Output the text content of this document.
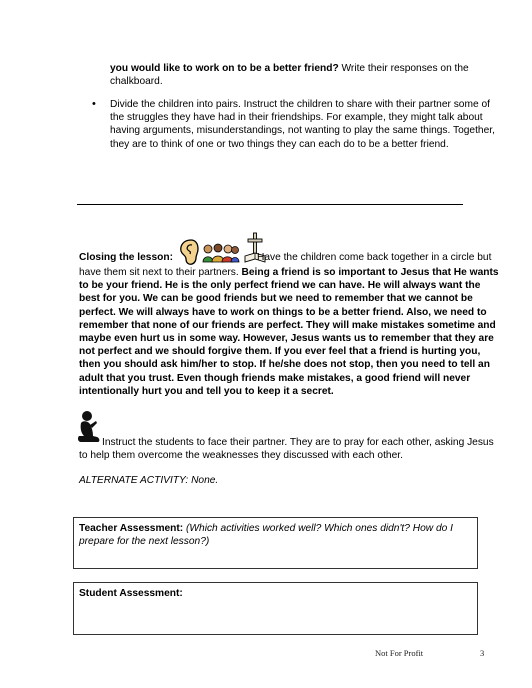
you would like to work on to be a better friend? Write their responses on the chalkboard.
• Divide the children into pairs. Instruct the children to share with their partner some of the struggles they have had in their friendships. For example, they might talk about having arguments, misunderstandings, not wanting to play the same things. Together, they are to think of one or two things they can each do to be a better friend.
Closing the lesson:	Have the children come back together in a circle but have them sit next to their partners. Being a friend is so important to Jesus that He wants to be your friend. He is the only perfect friend we can have. He will always want the best for you. We can be good friends but we need to remember that we cannot be perfect. We will always have to work on things to be a better friend. Also, we need to remember that none of our friends are perfect. They will make mistakes sometime and maybe even hurt us in some way. However, Jesus wants us to remember that they are not perfect and we should forgive them. If you ever feel that a friend is hurting you, then you should ask him/her to stop. If he/she does not stop, then you need to tell an adult that you trust. Even though friends make mistakes, a good friend will never intentionally hurt you and tell you to keep it a secret.
Instruct the students to face their partner. They are to pray for each other, asking Jesus to help them overcome the weaknesses they discussed with each other.
ALTERNATE ACTIVITY: None.
Teacher Assessment: (Which activities worked well? Which ones didn't? How do I prepare for the next lesson?)
Student Assessment:
Not For Profit	3
